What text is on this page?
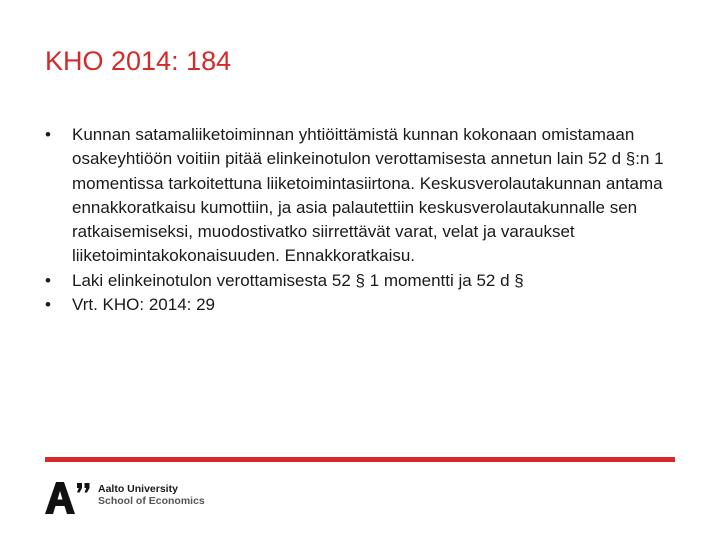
KHO 2014: 184
•	Kunnan satamaliiketoiminnan yhtiöittämistä kunnan kokonaan omistamaan osakeyhtiöön voitiin pitää elinkeinotulon verottamisesta annetun lain 52 d §:n 1 momentissa tarkoitettuna liiketoimintasiirtona. Keskusverolautakunnan antama ennakkoratkaisu kumottiin, ja asia palautettiin keskusverolautakunnalle sen ratkaisemiseksi, muodostivatko siirrettävät varat, velat ja varaukset liiketoimintakokonaisuuden. Ennakkoratkaisu.
•	Laki elinkeinotulon verottamisesta 52 § 1 momentti ja 52 d §
•	Vrt. KHO: 2014: 29
Aalto University
School of Economics
